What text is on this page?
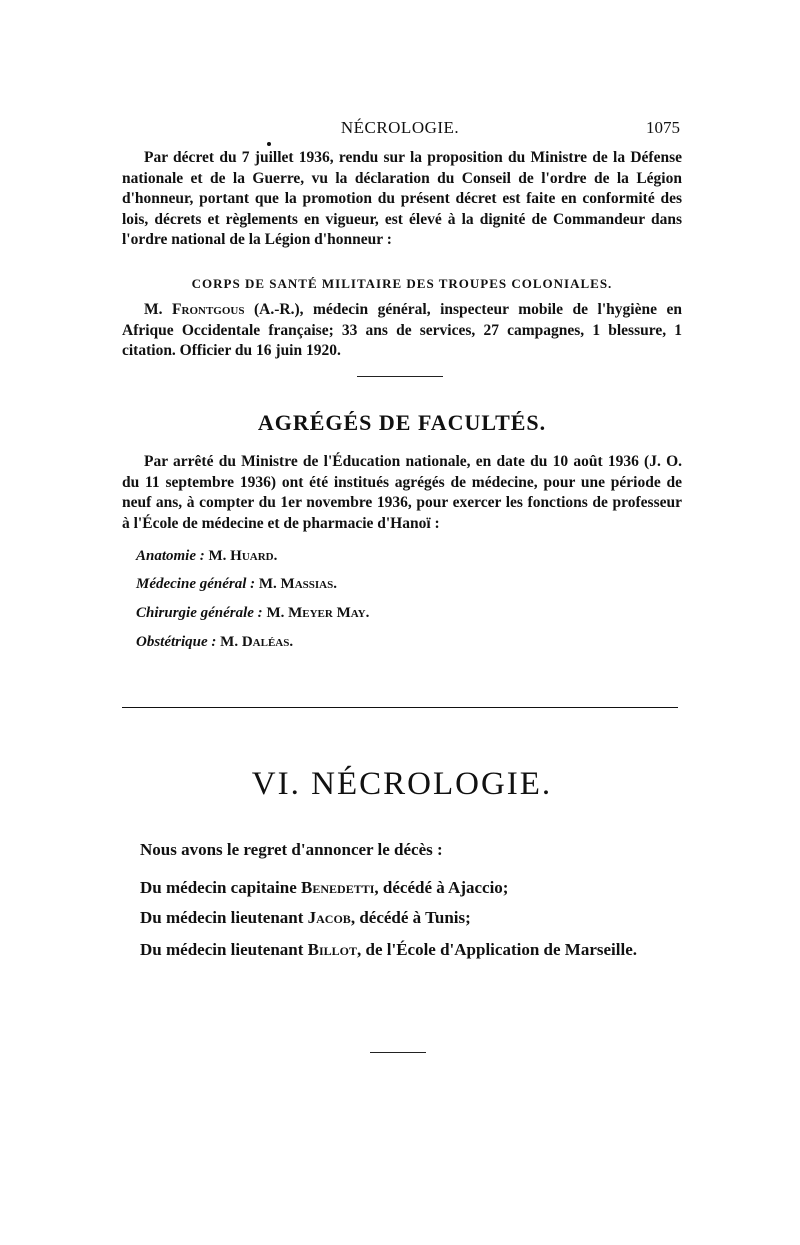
NÉCROLOGIE.	1075

Par décret du 7 juillet 1936, rendu sur la proposition du Ministre de la Défense nationale et de la Guerre, vu la déclaration du Conseil de l'ordre de la Légion d'honneur, portant que la promotion du présent décret est faite en conformité des lois, décrets et règlements en vigueur, est élevé à la dignité de Commandeur dans l'ordre national de la Légion d'honneur :

CORPS DE SANTÉ MILITAIRE DES TROUPES COLONIALES.

M. Frontgous (A.-R.), médecin général, inspecteur mobile de l'hygiène en Afrique Occidentale française; 33 ans de services, 27 campagnes, 1 blessure, 1 citation. Officier du 16 juin 1920.

AGRÉGÉS DE FACULTÉS.

Par arrêté du Ministre de l'Éducation nationale, en date du 10 août 1936 (J. O. du 11 septembre 1936) ont été institués agrégés de médecine, pour une période de neuf ans, à compter du 1er novembre 1936, pour exercer les fonctions de professeur à l'École de médecine et de pharmacie d'Hanoï :

Anatomie : M. Huard.
Médecine général : M. Massias.
Chirurgie générale : M. Meyer May.
Obstétrique : M. Daléas.
VI. NÉCROLOGIE.
Nous avons le regret d'annoncer le décès :
Du médecin capitaine Benedetti, décédé à Ajaccio;
Du médecin lieutenant Jacob, décédé à Tunis;
Du médecin lieutenant Billot, de l'École d'Application de Marseille.
